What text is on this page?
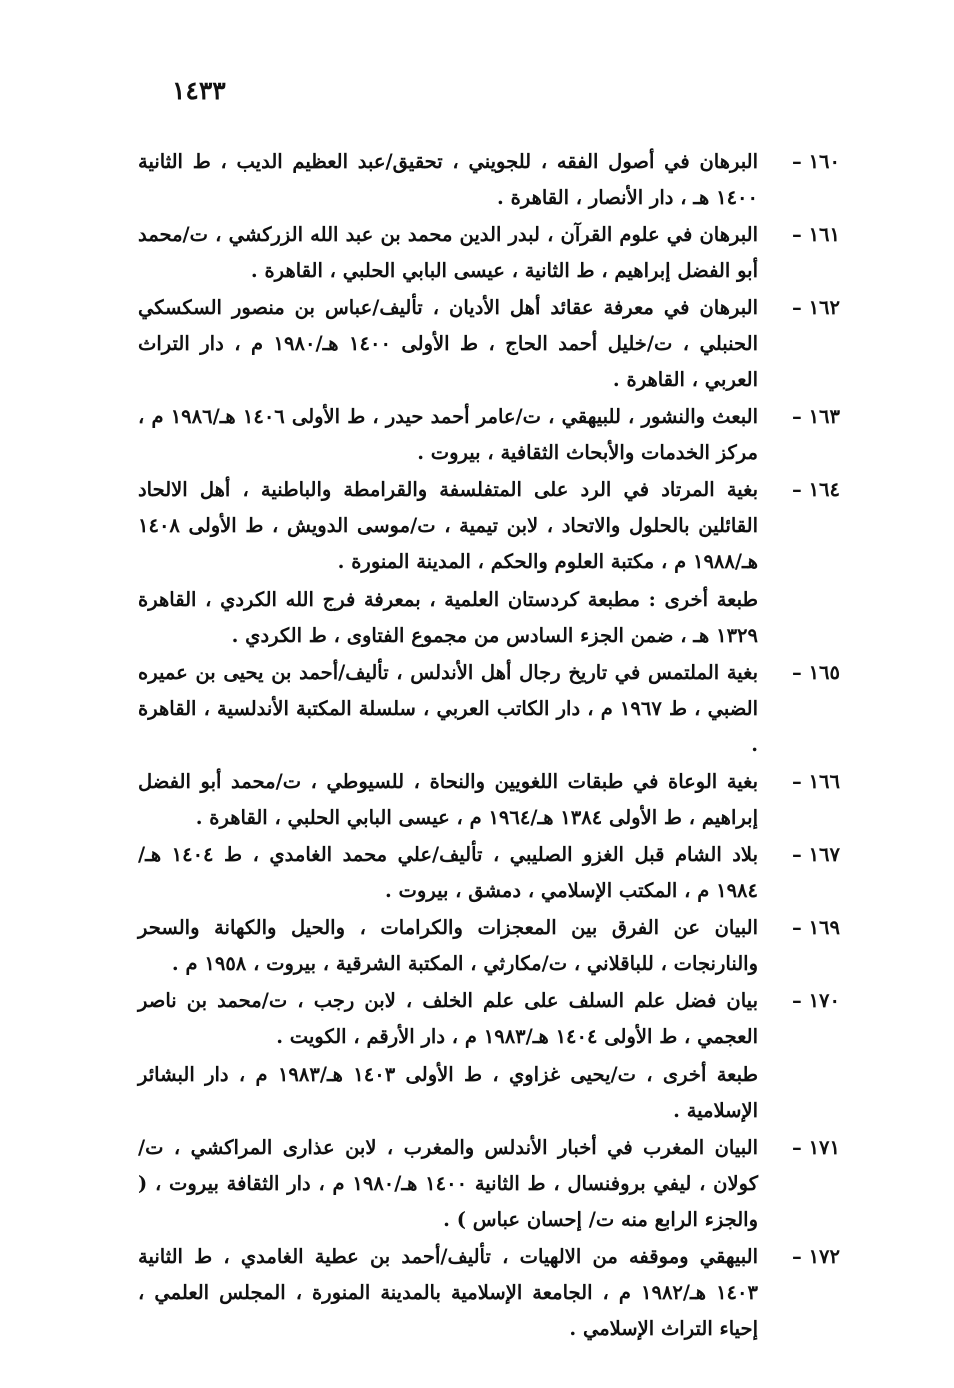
١٤٣٣
١٦٠ –

البرهان في أصول الفقه ، للجويني ، تحقيق/عبد العظيم الديب ، ط الثانية ١٤٠٠ هـ ، دار الأنصار ، القاهرة .

١٦١ –

البرهان في علوم القرآن ، لبدر الدين محمد بن عبد الله الزركشي ، ت/محمد أبو الفضل إبراهيم ، ط الثانية ، عيسى البابي الحلبي ، القاهرة .

١٦٢ –

البرهان في معرفة عقائد أهل الأديان ، تأليف/عباس بن منصور السكسكي الحنبلي ، ت/خليل أحمد الحاج ، ط الأولى ١٤٠٠ هـ/١٩٨٠ م ، دار التراث العربي ، القاهرة .

١٦٣ –

البعث والنشور ، للبيهقي ، ت/عامر أحمد حيدر ، ط الأولى ١٤٠٦ هـ/١٩٨٦ م ، مركز الخدمات والأبحاث الثقافية ، بيروت .

١٦٤ –

بغية المرتاد في الرد على المتفلسفة والقرامطة والباطنية ، أهل الالحاد القائلين بالحلول والاتحاد ، لابن تيمية ، ت/موسى الدويش ، ط الأولى ١٤٠٨ هـ/١٩٨٨ م ، مكتبة العلوم والحكم ، المدينة المنورة .

طبعة أخرى : مطبعة كردستان العلمية ، بمعرفة فرج الله الكردي ، القاهرة ١٣٢٩ هـ ، ضمن الجزء السادس من مجموع الفتاوى ، ط الكردي .

١٦٥ –

بغية الملتمس في تاريخ رجال أهل الأندلس ، تأليف/أحمد بن يحيى بن عميره الضبي ، ط ١٩٦٧ م ، دار الكاتب العربي ، سلسلة المكتبة الأندلسية ، القاهرة .

١٦٦ –

بغية الوعاة في طبقات اللغويين والنحاة ، للسيوطي ، ت/محمد أبو الفضل إبراهيم ، ط الأولى ١٣٨٤ هـ/١٩٦٤ م ، عيسى البابي الحلبي ، القاهرة .

١٦٧ –

بلاد الشام قبل الغزو الصليبي ، تأليف/علي محمد الغامدي ، ط ١٤٠٤ هـ/ ١٩٨٤ م ، المكتب الإسلامي ، دمشق ، بيروت .

١٦٩ –

البيان عن الفرق بين المعجزات والكرامات ، والحيل والكهانة والسحر والنارنجات ، للباقلاني ، ت/مكارثي ، المكتبة الشرقية ، بيروت ، ١٩٥٨ م .

١٧٠ –

بيان فضل علم السلف على علم الخلف ، لابن رجب ، ت/محمد بن ناصر العجمي ، ط الأولى ١٤٠٤ هـ/١٩٨٣ م ، دار الأرقم ، الكويت .

طبعة أخرى ، ت/يحيى غزاوي ، ط الأولى ١٤٠٣ هـ/١٩٨٣ م ، دار البشائر الإسلامية .

١٧١ –

البيان المغرب في أخبار الأندلس والمغرب ، لابن عذارى المراكشي ، ت/ كولان ، ليفي بروفنسال ، ط الثانية ١٤٠٠ هـ/١٩٨٠ م ، دار الثقافة بيروت ، ( والجزء الرابع منه ت/ إحسان عباس ) .

١٧٢ –

البيهقي وموقفه من الالهيات ، تأليف/أحمد بن عطية الغامدي ، ط الثانية ١٤٠٣ هـ/١٩٨٢ م ، الجامعة الإسلامية بالمدينة المنورة ، المجلس العلمي ، إحياء التراث الإسلامي .
